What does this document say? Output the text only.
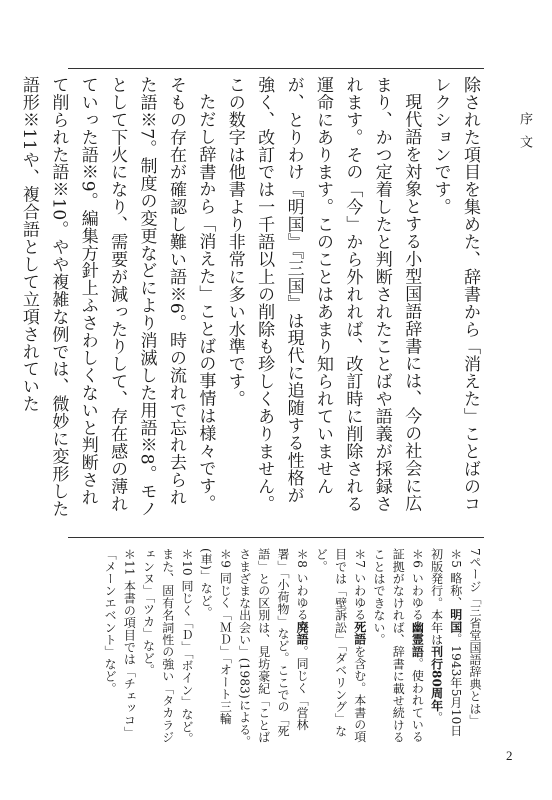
序文

除された項目を集めた、辞書から「消えた」ことばのコレクションです。

現代語を対象とする小型国語辞書には、今の社会に広まり、かつ定着したと判断されたことばや語義が採録されます。その「今」から外れれば、改訂時に削除される運命にあります。このことはあまり知られていませんが、とりわけ『明国』『三国』は現代に追随する性格が強く、改訂では一千語以上の削除も珍しくありません。この数字は他書より非常に多い水準です。

ただし辞書から「消えた」ことばの事情は様々です。そもの存在が確認し難い語※6。時の流れで忘れ去られた語※7。制度の変更などにより消滅した用語※8。モノとして下火になり、需要が減ったりして、存在感の薄れていった語※9。編集方針上ふさわしくないと判断されて削られた語※10。やや複雑な例では、微妙に変形した語形※11や、複合語として立項されていた

7ページ「三省堂国語辞典とは」

＊5 略称、明国。1943年5月10日初版発行。本年は刊行80周年。

＊6 いわゆる幽霊語。使われている証拠がなければ、辞書に載せ続けることはできない。

＊7 いわゆる死語を含む。本書の項目では「壁訴訟」「ダベリング」など。

＊8 いわゆる廃語。同じく「営林署」「小荷物」など。ここでの「死語」との区別は、見坊豪紀「ことばさまざまな出会い」(1983)による。

＊9 同じく「ＭＤ」「オート三輪(車)」など。

＊10 同じく「Ｄ」「ボイン」など。また、固有名詞性の強い「タカラジェンヌ」「ツカ」など。

＊11 本書の項目では「チェッコ」「メーンエベント」など。

2
